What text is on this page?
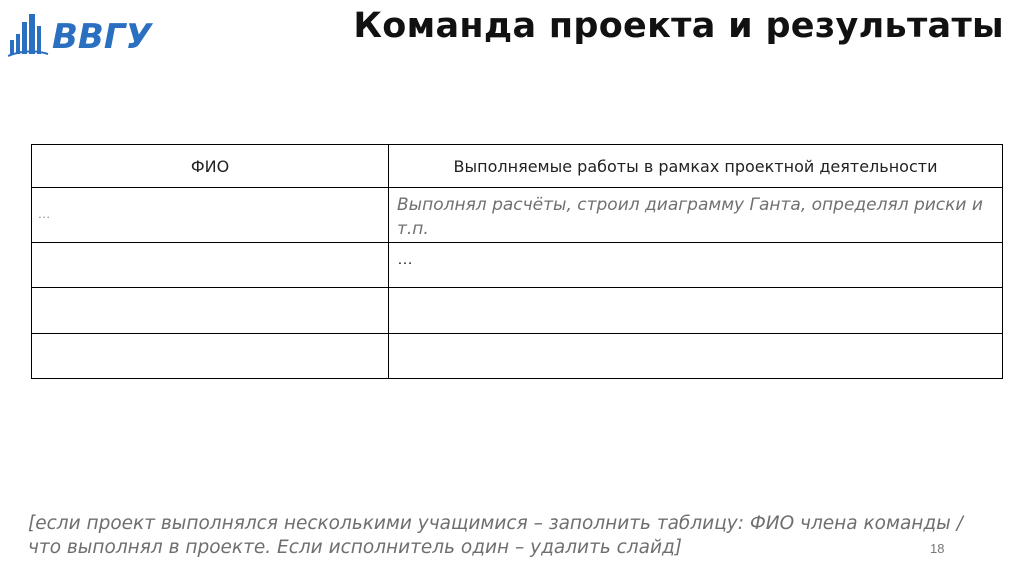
ВВГУ	Команда проекта и результаты
ФИО	Выполняемые работы в рамках проектной деятельности

…	Выполнял расчёты, строил диаграмму Ганта, определял риски и т.п.

	…

[если проект выполнялся несколькими учащимися – заполнить таблицу: ФИО члена команды /
что выполнял в проекте. Если исполнитель один – удалить слайд]	18
